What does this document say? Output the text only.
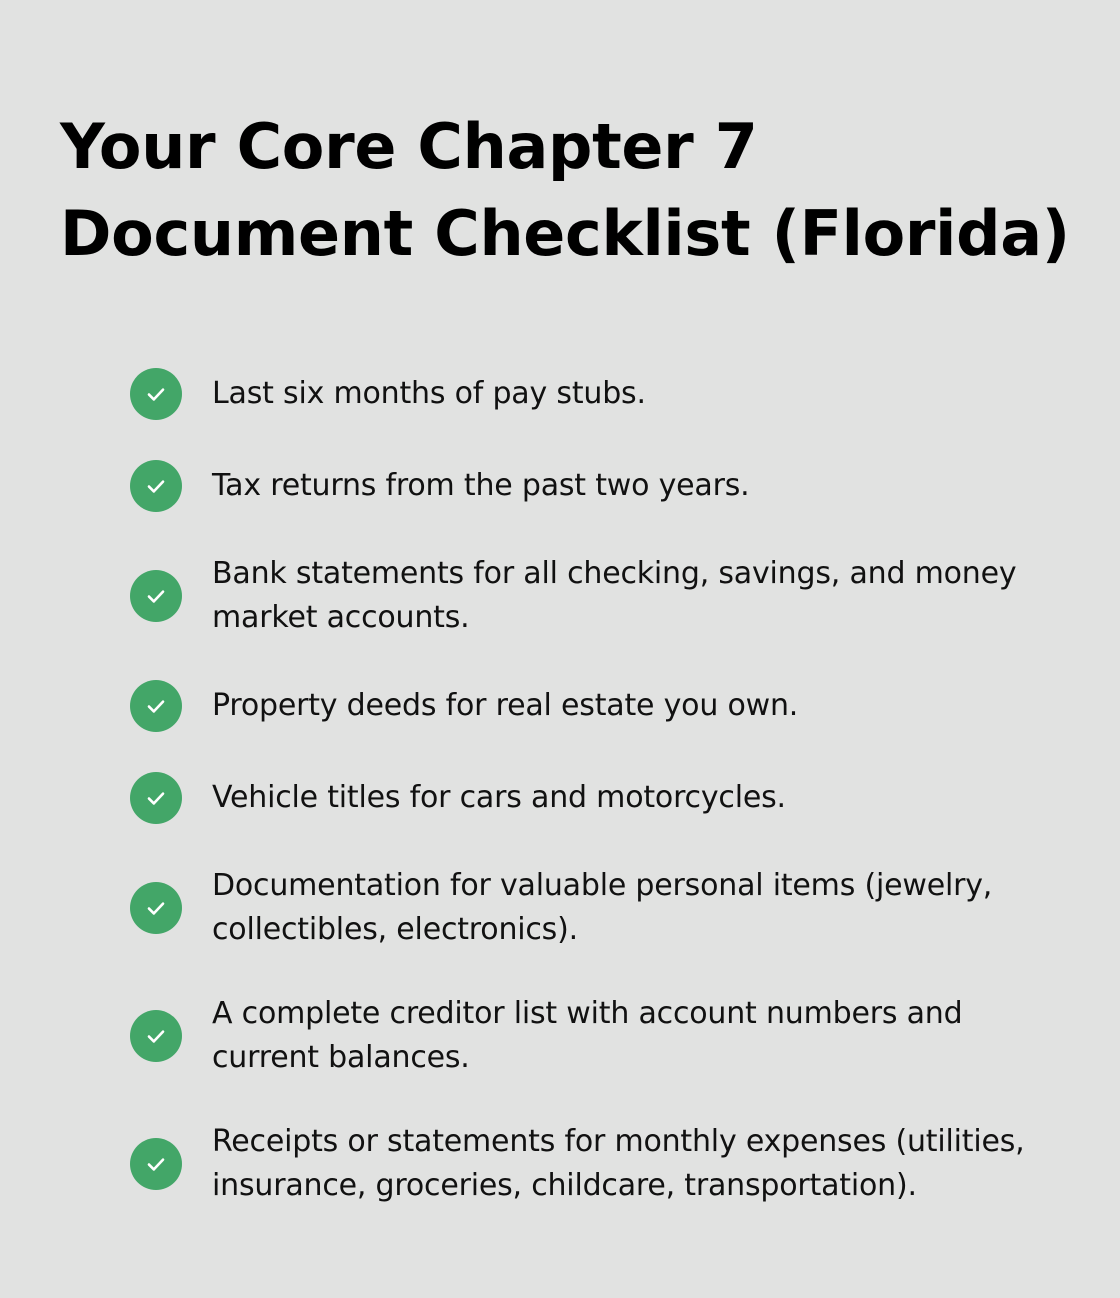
Your Core Chapter 7 Document Checklist (Florida)
Last six months of pay stubs.
Tax returns from the past two years.
Bank statements for all checking, savings, and money market accounts.
Property deeds for real estate you own.
Vehicle titles for cars and motorcycles.
Documentation for valuable personal items (jewelry, collectibles, electronics).
A complete creditor list with account numbers and current balances.
Receipts or statements for monthly expenses (utilities, insurance, groceries, childcare, transportation).
